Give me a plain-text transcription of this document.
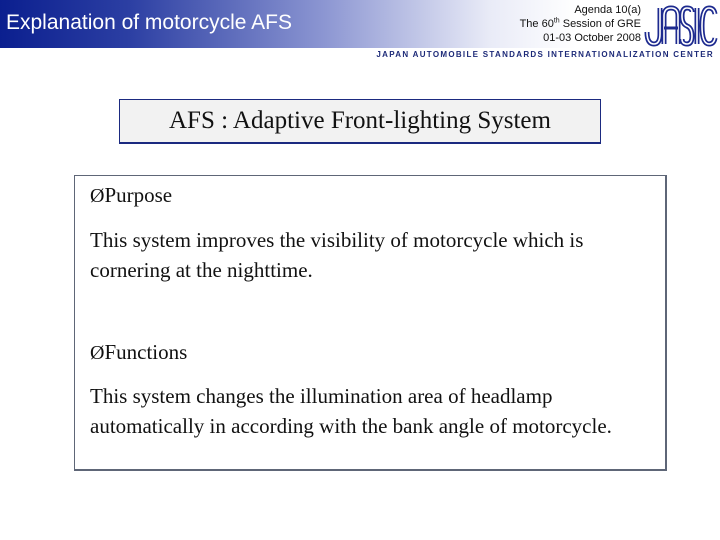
Explanation of motorcycle AFS
Agenda 10(a)
The 60th Session of GRE
01-03 October 2008
JAPAN AUTOMOBILE STANDARDS INTERNATIONALIZATION CENTER
AFS : Adaptive Front-lighting System
ØPurpose
This system improves the visibility of motorcycle which is cornering at the nighttime.
ØFunctions
This system changes the illumination area of headlamp automatically in according with the bank angle of motorcycle.
